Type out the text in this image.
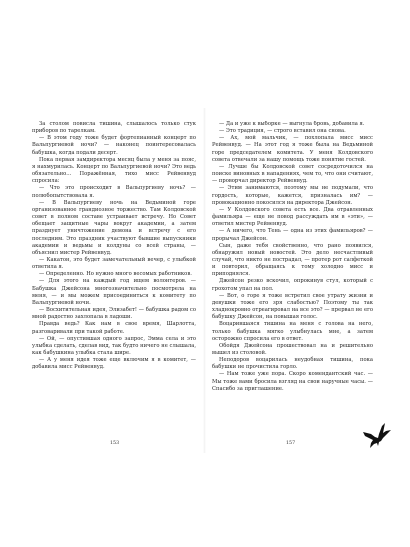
За столом повисла тишина, слышалось только стук приборов по тарелкам.

— В этом году тоже будет фортепианный концерт по Вальпургиевой ночи? — наконец поинтересовалась бабушка, когда подали десерт.

Пока первая замдиректора месяц была у меня за пояс, я нахмурилась. Концерт по Вальпургиевой ночи? Это ведь обязательно... Поражённая, тихо мисс Рейвенвуд спросила:

— Что это происходит в Вальпургиеву ночь? — полюбопытствовала я.

— В Вальпургиеву ночь на Ведьминой горе организованное грандиозное торжество. Там Колдовской совет в полном составе устраивает встречу. Но Совет обещает защитные чары вокруг академии, а затем празднует уничтожение демона и встречу с его последним. Это праздник участвуют бывшие выпускники академии и ведьмы и колдуны со всей страны, — объяснил мистер Рейвенвуд.

— Какатон, это будет замечательный вечер, с улыбкой ответила я.

— Определенно. Но нужно много весомых работников.

— Для этого на каждый год ищем волонтеров. — Бабушка Джейсона многозначительно посмотрела на меня, — и мы можем присоединиться к комитету по Вальпургиевой ночи.

— Восхитительная идея, Элизабет! — бабушка радом со мной радостно захлопала в ладоши.

Правда ведь? Как нам в свое время, Шарлотта, разговаривали при такой работе.

— Ой, — опустившая одного запрос, Эмма села и это улыбка сделать, сделав вид, так будто ничего не слышала, как бабушкина улыбка стала шире.

— А у меня идея тоже еще включим я в комитет, — добавила мисс Рейвенвуд.

153

— Да и уже к выборке — выгнула бровь, добавила я.

— Это традиция, — строго вставил она снова.

— Ах, мой мальчик, — похлопала мисс мисс Рейвенвуд. — На этот год я тоже была на Ведьминой горе председателем комитета. У меня Колдовского совета отвечали за нашу помощь тоже понятие гостей.

— Лучше бы Колдовской совет сосредоточился на поиске виновных в нападениях, чем то, что они считают, — проворчал директор Рейвенвуд.

— Этим занимаются, поэтому мы не подумали, что гордость, которые, кажется, призналась им? — провокационно покосился на директора Джейсон.

— У Колдовского совета есть все. Два отравленных фамильяра — еще не повод рассуждать им в «эти», — ответил мистер Рейвенвуд.

— А ничего, что Тень — одна из этих фамильяров? — прорычал Джейсон.

Сын, даже тебя свойственно, что рано появился, обнаружил новый новостей. Это дело несчастливый случай, что никто не пострадал, — протер рот салфеткой и повторил, обращаясь к тому холодно мисс и приподнялся.

Джейсон резко вскочил, опрокинув стул, который с грохотом упал на пол.

— Вот, о горе я тоже встретил свое утрату жизни и девушки тоже его зря слабостью? Поэтому ты так хладнокровно отреагировал на все это? — прервал не его бабушку Джейсон, на повышая голос.

Воцарившаяся тишина на меня с голова на него, только бабушка мягко улыбнулась мне, а затем осторожно спросила его в ответ.

Обойдя Джейсона прошествовал на и решительно вышел из столовой.

Неподоров воцарилась неудобная тишина, пока бабушки не прочистила горло.

— Нам тоже уже пора. Скоро комендантский час. — Мы тоже вами бросила взгляд на свои наручные часы. — Спасибо за приглашение.

157
